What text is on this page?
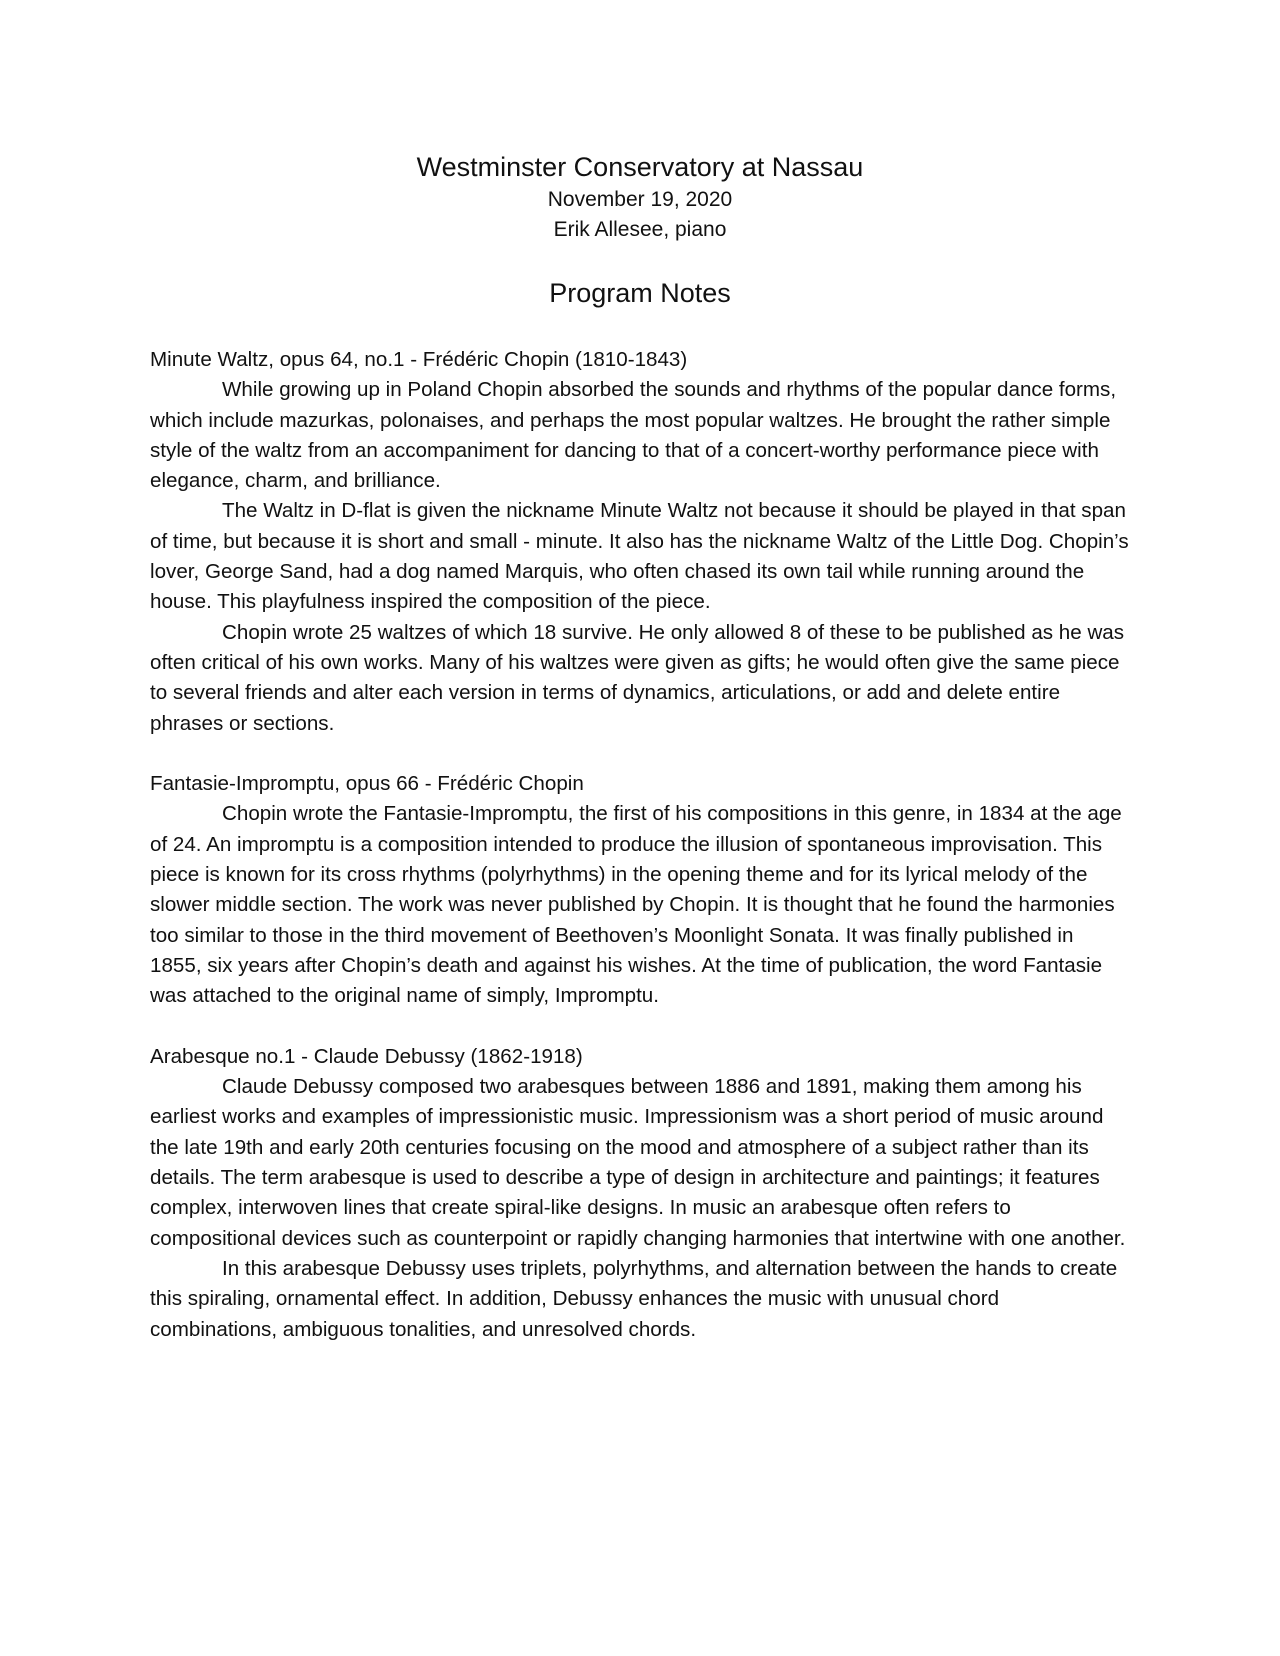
Westminster Conservatory at Nassau
November 19, 2020
Erik Allesee, piano
Program Notes

Minute Waltz, opus 64, no.1 - Frédéric Chopin (1810-1843)

While growing up in Poland Chopin absorbed the sounds and rhythms of the popular dance forms, which include mazurkas, polonaises, and perhaps the most popular waltzes. He brought the rather simple style of the waltz from an accompaniment for dancing to that of a concert-worthy performance piece with elegance, charm, and brilliance.

The Waltz in D-flat is given the nickname Minute Waltz not because it should be played in that span of time, but because it is short and small - minute. It also has the nickname Waltz of the Little Dog. Chopin’s lover, George Sand, had a dog named Marquis, who often chased its own tail while running around the house. This playfulness inspired the composition of the piece.

Chopin wrote 25 waltzes of which 18 survive. He only allowed 8 of these to be published as he was often critical of his own works. Many of his waltzes were given as gifts; he would often give the same piece to several friends and alter each version in terms of dynamics, articulations, or add and delete entire phrases or sections.

Fantasie-Impromptu, opus 66 - Frédéric Chopin

Chopin wrote the Fantasie-Impromptu, the first of his compositions in this genre, in 1834 at the age of 24. An impromptu is a composition intended to produce the illusion of spontaneous improvisation. This piece is known for its cross rhythms (polyrhythms) in the opening theme and for its lyrical melody of the slower middle section. The work was never published by Chopin. It is thought that he found the harmonies too similar to those in the third movement of Beethoven’s Moonlight Sonata. It was finally published in 1855, six years after Chopin’s death and against his wishes. At the time of publication, the word Fantasie was attached to the original name of simply, Impromptu.

Arabesque no.1 - Claude Debussy (1862-1918)

Claude Debussy composed two arabesques between 1886 and 1891, making them among his earliest works and examples of impressionistic music. Impressionism was a short period of music around the late 19th and early 20th centuries focusing on the mood and atmosphere of a subject rather than its details. The term arabesque is used to describe a type of design in architecture and paintings; it features complex, interwoven lines that create spiral-like designs. In music an arabesque often refers to compositional devices such as counterpoint or rapidly changing harmonies that intertwine with one another.

In this arabesque Debussy uses triplets, polyrhythms, and alternation between the hands to create this spiraling, ornamental effect. In addition, Debussy enhances the music with unusual chord combinations, ambiguous tonalities, and unresolved chords.
